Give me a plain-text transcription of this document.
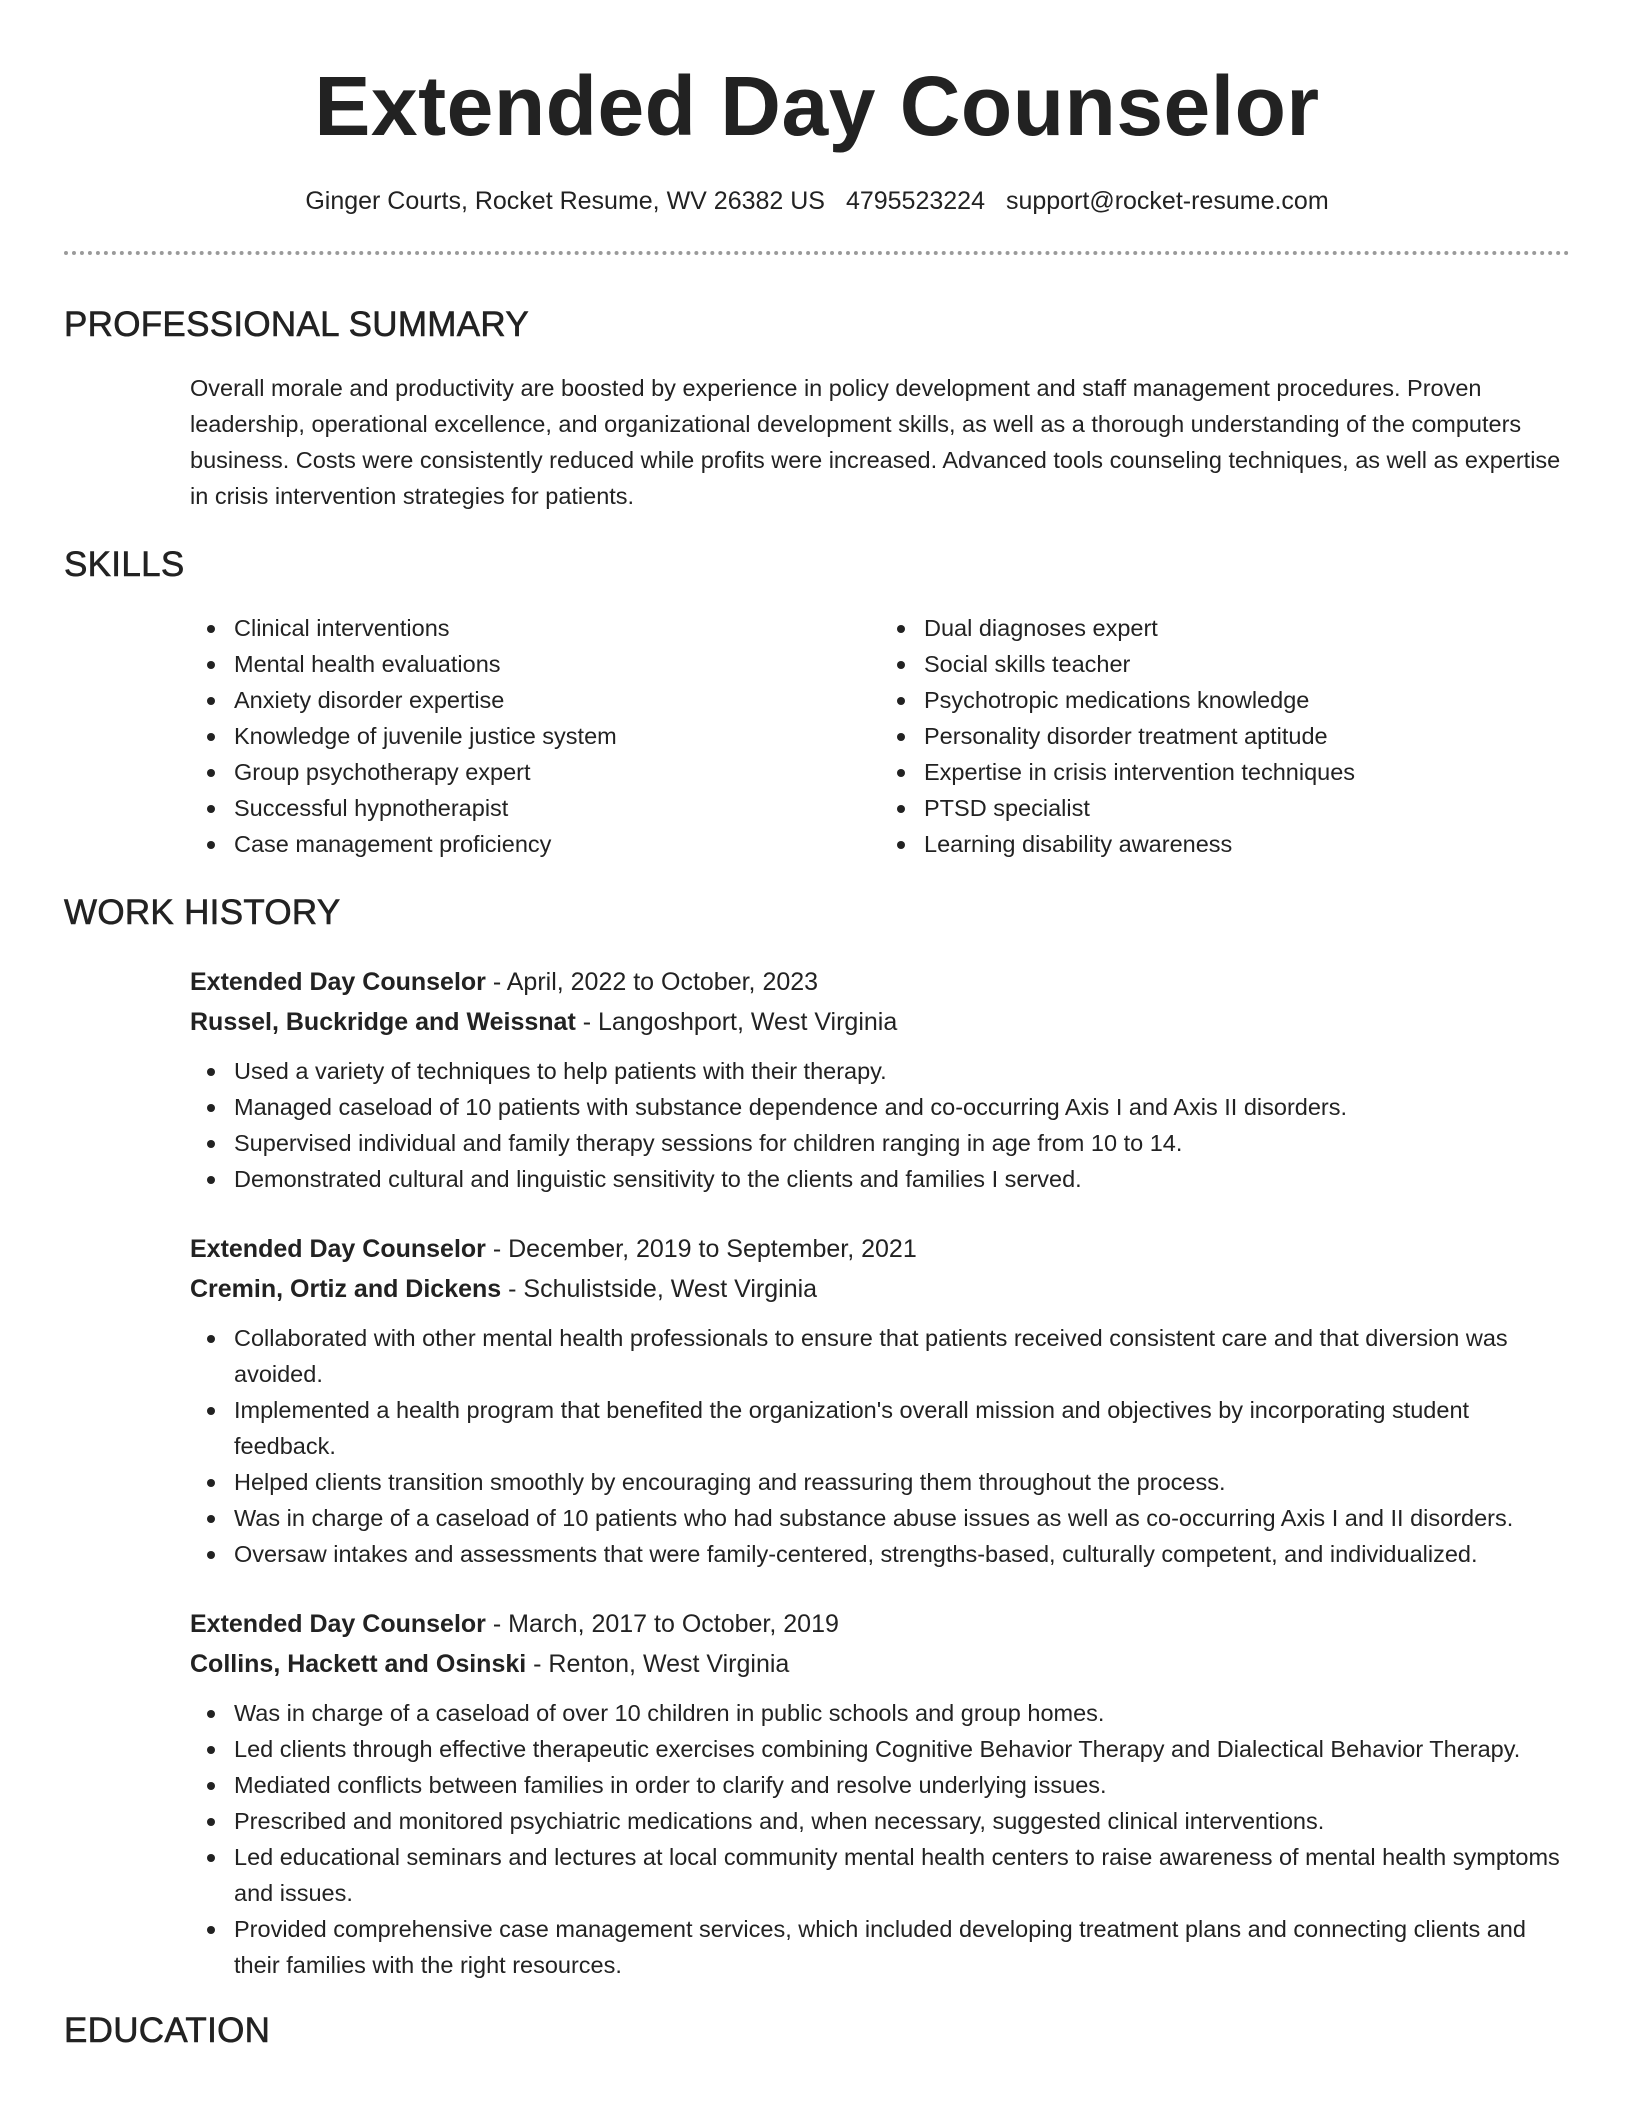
Extended Day Counselor
Ginger Courts, Rocket Resume, WV 26382 US 4795523224 support@rocket-resume.com
PROFESSIONAL SUMMARY

Overall morale and productivity are boosted by experience in policy development and staff management procedures. Proven leadership, operational excellence, and organizational development skills, as well as a thorough understanding of the computers business. Costs were consistently reduced while profits were increased. Advanced tools counseling techniques, as well as expertise in crisis intervention strategies for patients.

SKILLS
Clinical interventions
Mental health evaluations
Anxiety disorder expertise
Knowledge of juvenile justice system
Group psychotherapy expert
Successful hypnotherapist
Case management proficiency
Dual diagnoses expert
Social skills teacher
Psychotropic medications knowledge
Personality disorder treatment aptitude
Expertise in crisis intervention techniques
PTSD specialist
Learning disability awareness
WORK HISTORY
Extended Day Counselor - April, 2022 to October, 2023
Russel, Buckridge and Weissnat - Langoshport, West Virginia
Used a variety of techniques to help patients with their therapy.
Managed caseload of 10 patients with substance dependence and co-occurring Axis I and Axis II disorders.
Supervised individual and family therapy sessions for children ranging in age from 10 to 14.
Demonstrated cultural and linguistic sensitivity to the clients and families I served.
Extended Day Counselor - December, 2019 to September, 2021
Cremin, Ortiz and Dickens - Schulistside, West Virginia
Collaborated with other mental health professionals to ensure that patients received consistent care and that diversion was avoided.
Implemented a health program that benefited the organization's overall mission and objectives by incorporating student feedback.
Helped clients transition smoothly by encouraging and reassuring them throughout the process.
Was in charge of a caseload of 10 patients who had substance abuse issues as well as co-occurring Axis I and II disorders.
Oversaw intakes and assessments that were family-centered, strengths-based, culturally competent, and individualized.
Extended Day Counselor - March, 2017 to October, 2019
Collins, Hackett and Osinski - Renton, West Virginia
Was in charge of a caseload of over 10 children in public schools and group homes.
Led clients through effective therapeutic exercises combining Cognitive Behavior Therapy and Dialectical Behavior Therapy.
Mediated conflicts between families in order to clarify and resolve underlying issues.
Prescribed and monitored psychiatric medications and, when necessary, suggested clinical interventions.
Led educational seminars and lectures at local community mental health centers to raise awareness of mental health symptoms and issues.
Provided comprehensive case management services, which included developing treatment plans and connecting clients and their families with the right resources.
EDUCATION
